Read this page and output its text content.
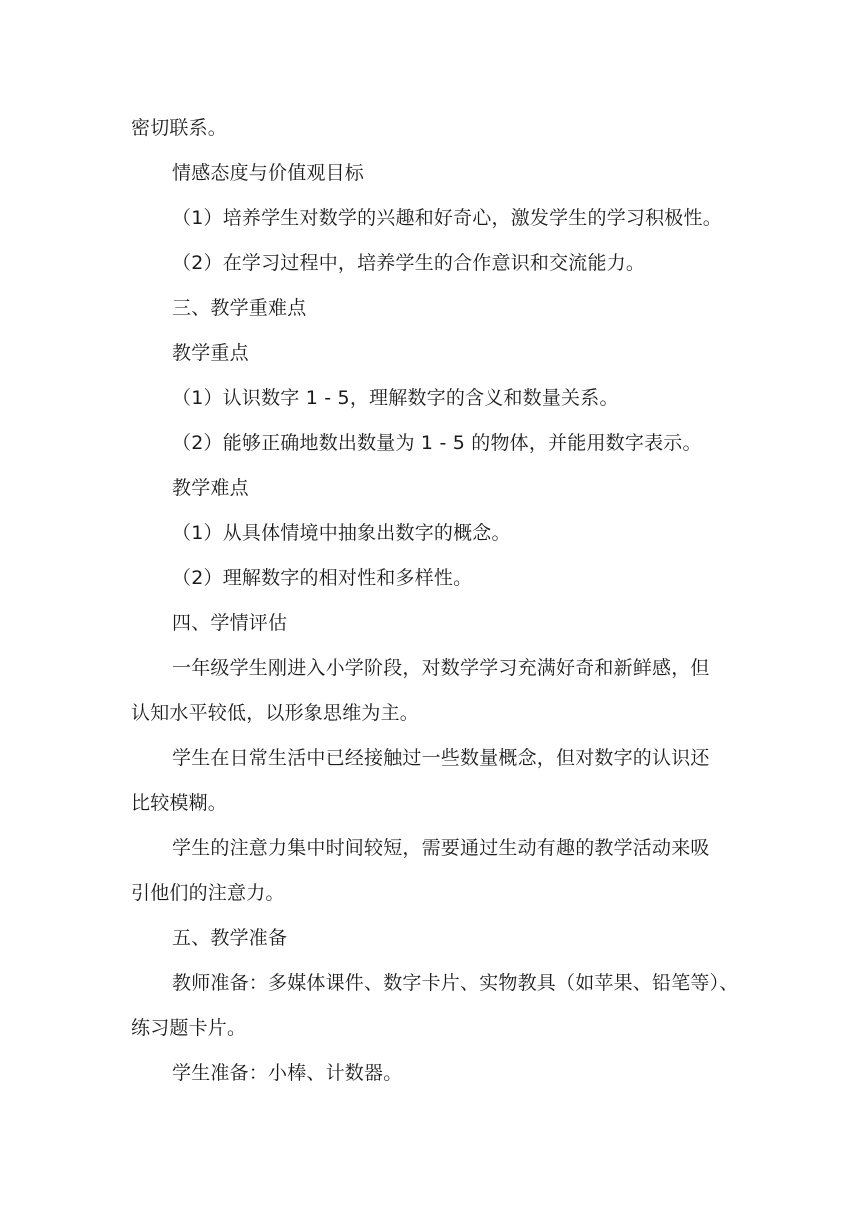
密切联系。
情感态度与价值观目标
（1）培养学生对数学的兴趣和好奇心，激发学生的学习积极性。
（2）在学习过程中，培养学生的合作意识和交流能力。
三、教学重难点
教学重点
（1）认识数字 1 - 5，理解数字的含义和数量关系。
（2）能够正确地数出数量为 1 - 5 的物体，并能用数字表示。
教学难点
（1）从具体情境中抽象出数字的概念。
（2）理解数字的相对性和多样性。
四、学情评估
一年级学生刚进入小学阶段，对数学学习充满好奇和新鲜感，但
认知水平较低，以形象思维为主。
学生在日常生活中已经接触过一些数量概念，但对数字的认识还
比较模糊。
学生的注意力集中时间较短，需要通过生动有趣的教学活动来吸
引他们的注意力。
五、教学准备
教师准备：多媒体课件、数字卡片、实物教具（如苹果、铅笔等）、
练习题卡片。
学生准备：小棒、计数器。
